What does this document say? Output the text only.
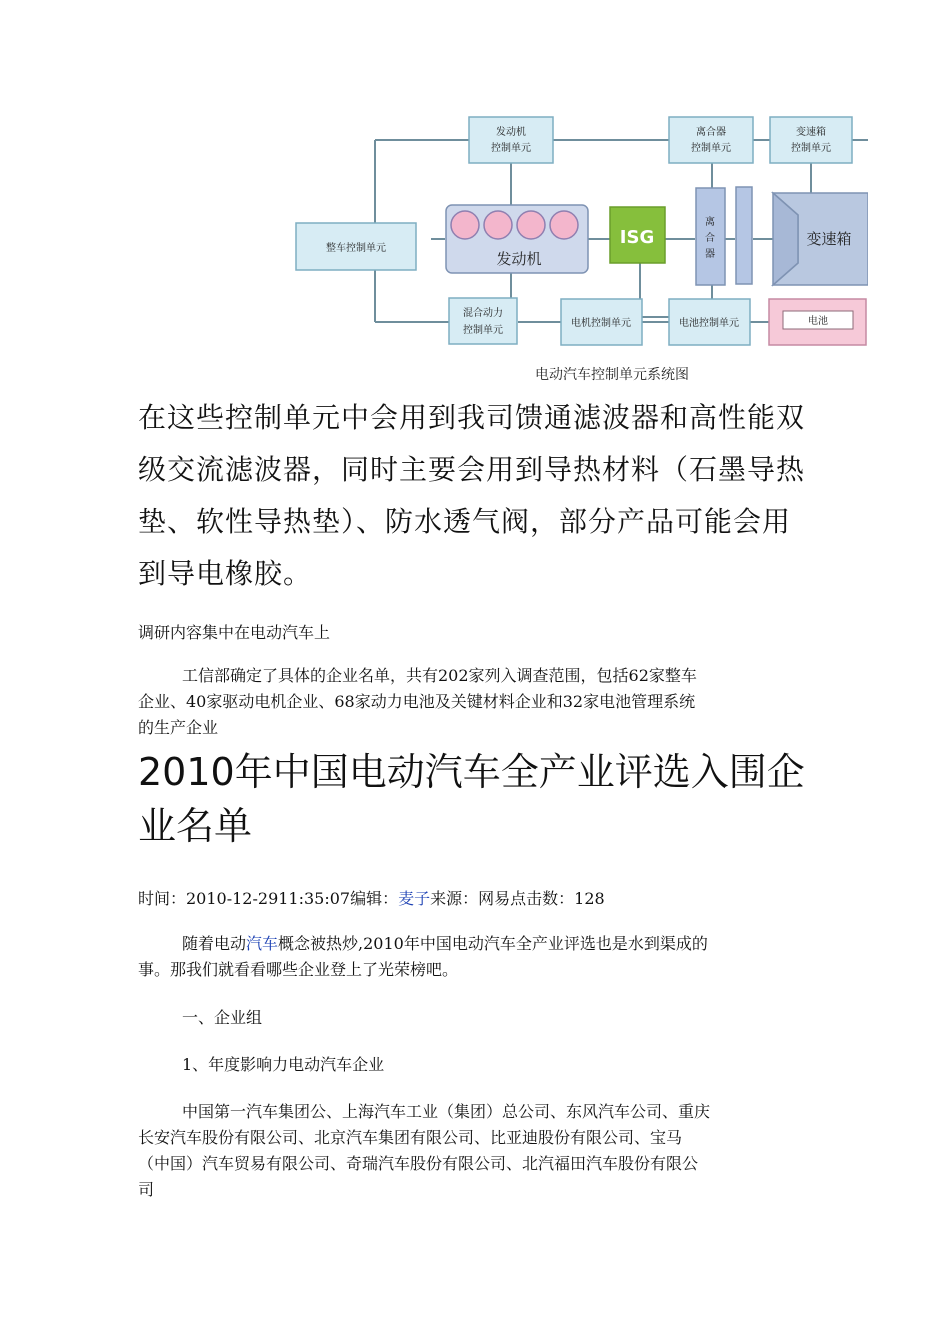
发动机
控制单元
离合器
控制单元
变速箱
控制单元
整车控制单元
发动机
ISG
离
合
器
变速箱
混合动力
控制单元
电机控制单元	电池控制单元	电池
电动汽车控制单元系统图
在这些控制单元中会用到我司馈通滤波器和高性能双
级交流滤波器，同时主要会用到导热材料（石墨导热
垫、软性导热垫）、防水透气阀，部分产品可能会用
到导电橡胶。
调研内容集中在电动汽车上
工信部确定了具体的企业名单，共有202家列入调查范围，包括62家整车
企业、40家驱动电机企业、68家动力电池及关键材料企业和32家电池管理系统
的生产企业
2010年中国电动汽车全产业评选入围企
业名单
时间：2010-12-2911:35:07编辑：麦子来源：网易点击数：128
随着电动汽车概念被热炒,2010年中国电动汽车全产业评选也是水到渠成的
事。那我们就看看哪些企业登上了光荣榜吧。
一、企业组
1、年度影响力电动汽车企业
中国第一汽车集团公、上海汽车工业（集团）总公司、东风汽车公司、重庆
长安汽车股份有限公司、北京汽车集团有限公司、比亚迪股份有限公司、宝马
（中国）汽车贸易有限公司、奇瑞汽车股份有限公司、北汽福田汽车股份有限公
司
